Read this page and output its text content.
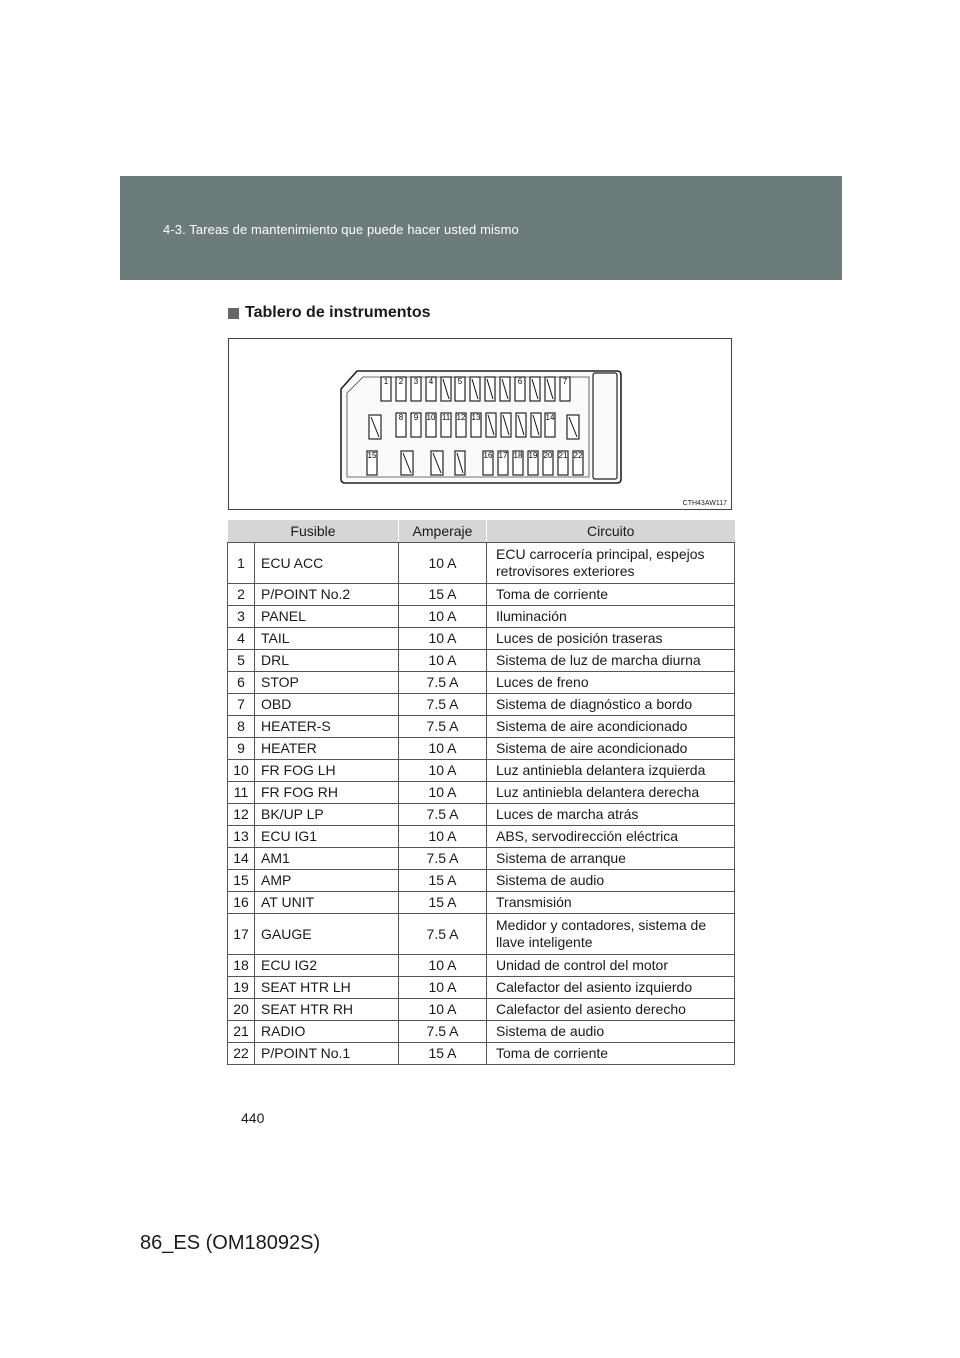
4-3. Tareas de mantenimiento que puede hacer usted mismo
Tablero de instrumentos
1 2 3 4	5	6	7
8 9 10 11 12 13	14
15	16 17 18 19 20 21 22
CTH43AW117
Fusible		Amperaje	Circuito
1	ECU ACC	10 A	ECU carrocería principal, espejos retrovisores exteriores
2	P/POINT No.2	15 A	Toma de corriente
3	PANEL	10 A	Iluminación
4	TAIL	10 A	Luces de posición traseras
5	DRL	10 A	Sistema de luz de marcha diurna
6	STOP	7.5 A	Luces de freno
7	OBD	7.5 A	Sistema de diagnóstico a bordo
8	HEATER-S	7.5 A	Sistema de aire acondicionado
9	HEATER	10 A	Sistema de aire acondicionado
10	FR FOG LH	10 A	Luz antiniebla delantera izquierda
11	FR FOG RH	10 A	Luz antiniebla delantera derecha
12	BK/UP LP	7.5 A	Luces de marcha atrás
13	ECU IG1	10 A	ABS, servodirección eléctrica
14	AM1	7.5 A	Sistema de arranque
15	AMP	15 A	Sistema de audio
16	AT UNIT	15 A	Transmisión
17	GAUGE	7.5 A	Medidor y contadores, sistema de llave inteligente
18	ECU IG2	10 A	Unidad de control del motor
19	SEAT HTR LH	10 A	Calefactor del asiento izquierdo
20	SEAT HTR RH	10 A	Calefactor del asiento derecho
21	RADIO	7.5 A	Sistema de audio
22	P/POINT No.1	15 A	Toma de corriente
440
86_ES (OM18092S)
